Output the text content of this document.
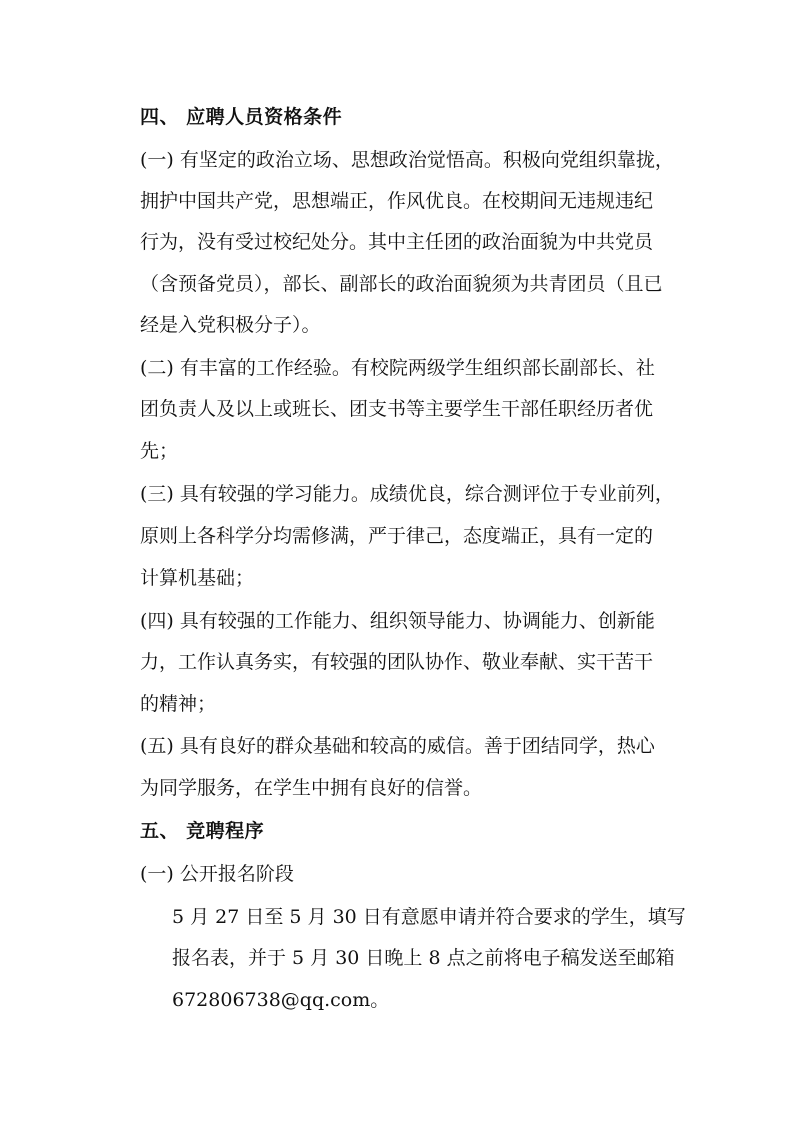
四、 应聘人员资格条件
(一) 有坚定的政治立场、思想政治觉悟高。积极向党组织靠拢，
拥护中国共产党，思想端正，作风优良。在校期间无违规违纪
行为，没有受过校纪处分。其中主任团的政治面貌为中共党员
（含预备党员），部长、副部长的政治面貌须为共青团员（且已
经是入党积极分子）。
(二) 有丰富的工作经验。有校院两级学生组织部长副部长、社
团负责人及以上或班长、团支书等主要学生干部任职经历者优
先；
(三) 具有较强的学习能力。成绩优良，综合测评位于专业前列，
原则上各科学分均需修满，严于律己，态度端正，具有一定的
计算机基础；
(四) 具有较强的工作能力、组织领导能力、协调能力、创新能
力，工作认真务实，有较强的团队协作、敬业奉献、实干苦干
的精神；
(五) 具有良好的群众基础和较高的威信。善于团结同学，热心
为同学服务，在学生中拥有良好的信誉。
五、 竞聘程序
(一) 公开报名阶段
5 月 27 日至 5 月 30 日有意愿申请并符合要求的学生，填写
报名表，并于 5 月 30 日晚上 8 点之前将电子稿发送至邮箱
672806738@qq.com。
